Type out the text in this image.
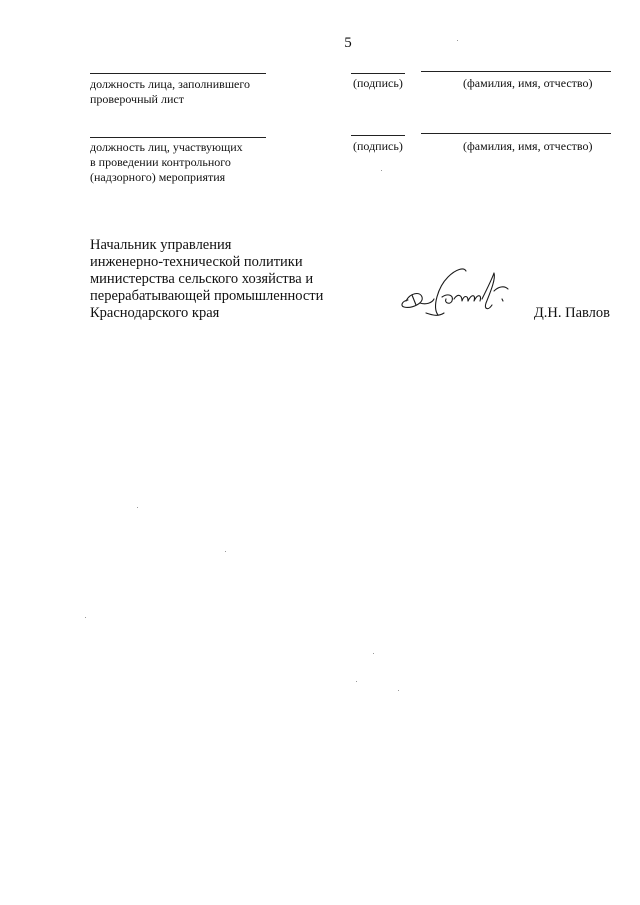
5
должность лица, заполнившего
проверочный лист
(подпись)	(фамилия, имя, отчество)
должность лиц, участвующих
в проведении контрольного
(надзорного) мероприятия
(подпись)	(фамилия, имя, отчество)
Начальник управления
инженерно-технической политики
министерства сельского хозяйства и
перерабатывающей промышленности
Краснодарского края	Д.Н. Павлов
